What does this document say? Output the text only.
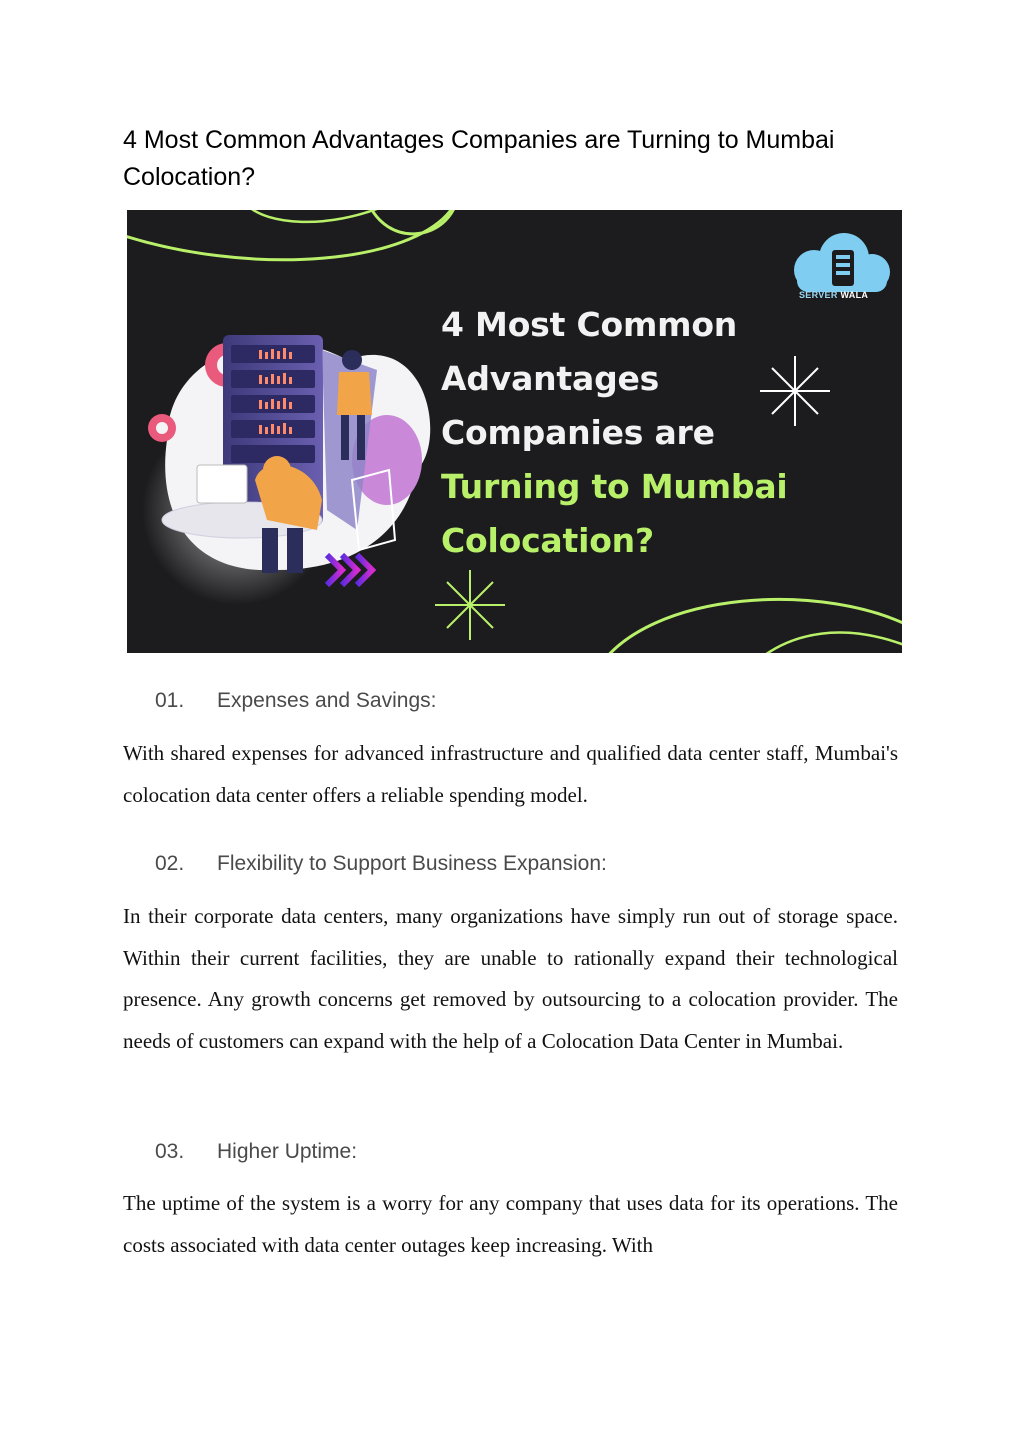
4 Most Common Advantages Companies are Turning to Mumbai Colocation?
SERVER WALA
4 Most Common
Advantages
Companies are
Turning to Mumbai
Colocation?
01.	Expenses and Savings:

With shared expenses for advanced infrastructure and qualified data center staff, Mumbai's colocation data center offers a reliable spending model.

02.	Flexibility to Support Business Expansion:

In their corporate data centers, many organizations have simply run out of storage space. Within their current facilities, they are unable to rationally expand their technological presence. Any growth concerns get removed by outsourcing to a colocation provider. The needs of customers can expand with the help of a Colocation Data Center in Mumbai.

03.	Higher Uptime:

The uptime of the system is a worry for any company that uses data for its operations. The costs associated with data center outages keep increasing. With
